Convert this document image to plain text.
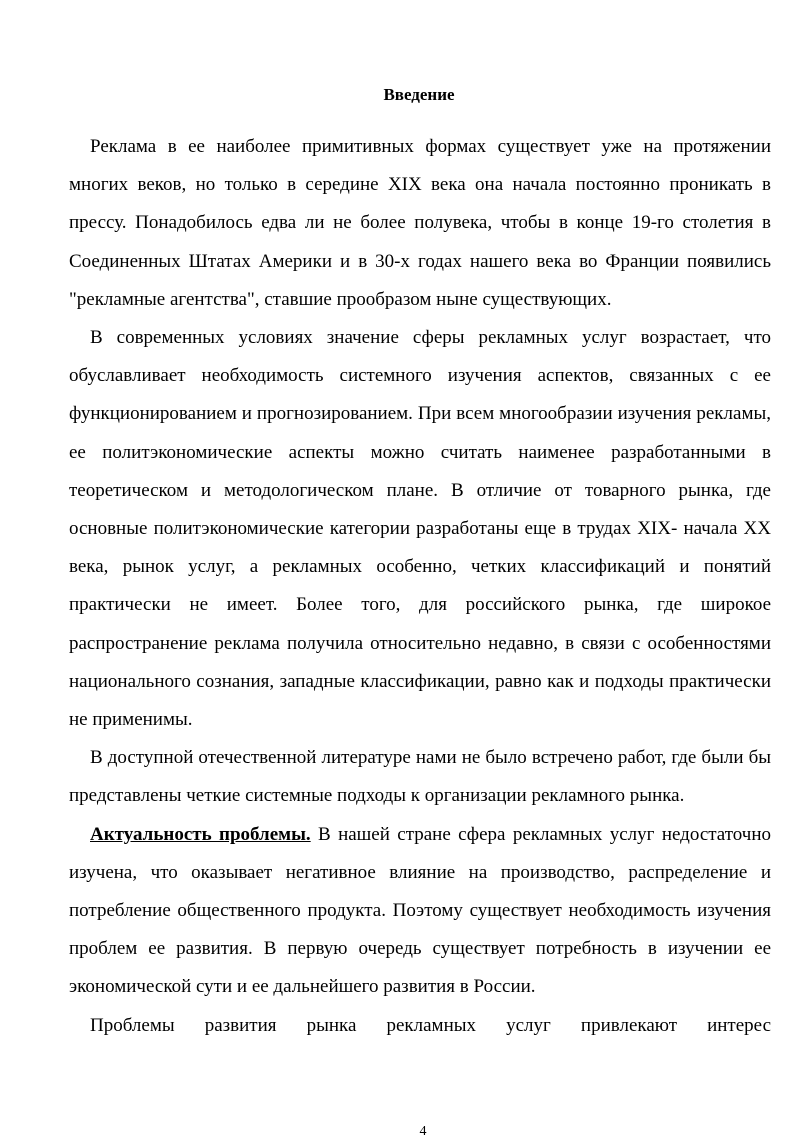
Введение

Реклама в ее наиболее примитивных формах существует уже на протяжении многих веков, но только в середине XIX века она начала постоянно проникать в прессу. Понадобилось едва ли не более полувека, чтобы в конце 19-го столетия в Соединенных Штатах Америки и в 30-х годах нашего века во Франции появились "рекламные агентства", ставшие прообразом ныне существующих.

В современных условиях значение сферы рекламных услуг возрастает, что обуславливает необходимость системного изучения аспектов, связанных с ее функционированием и прогнозированием. При всем многообразии изучения рекламы, ее политэкономические аспекты можно считать наименее разработанными в теоретическом и методологическом плане. В отличие от товарного рынка, где основные политэкономические категории разработаны еще в трудах XIX- начала XX века, рынок услуг, а рекламных особенно, четких классификаций и понятий практически не имеет. Более того, для российского рынка, где широкое распространение реклама получила относительно недавно, в связи с особенностями национального сознания, западные классификации, равно как и подходы практически не применимы.

В доступной отечественной литературе нами не было встречено работ, где были бы представлены четкие системные подходы к организации рекламного рынка.

Актуальность проблемы. В нашей стране сфера рекламных услуг недостаточно изучена, что оказывает негативное влияние на производство, распределение и потребление общественного продукта. Поэтому существует необходимость изучения проблем ее развития. В первую очередь существует потребность в изучении ее экономической сути и ее дальнейшего развития в России.

Проблемы развития рынка рекламных услуг привлекают интерес

4
